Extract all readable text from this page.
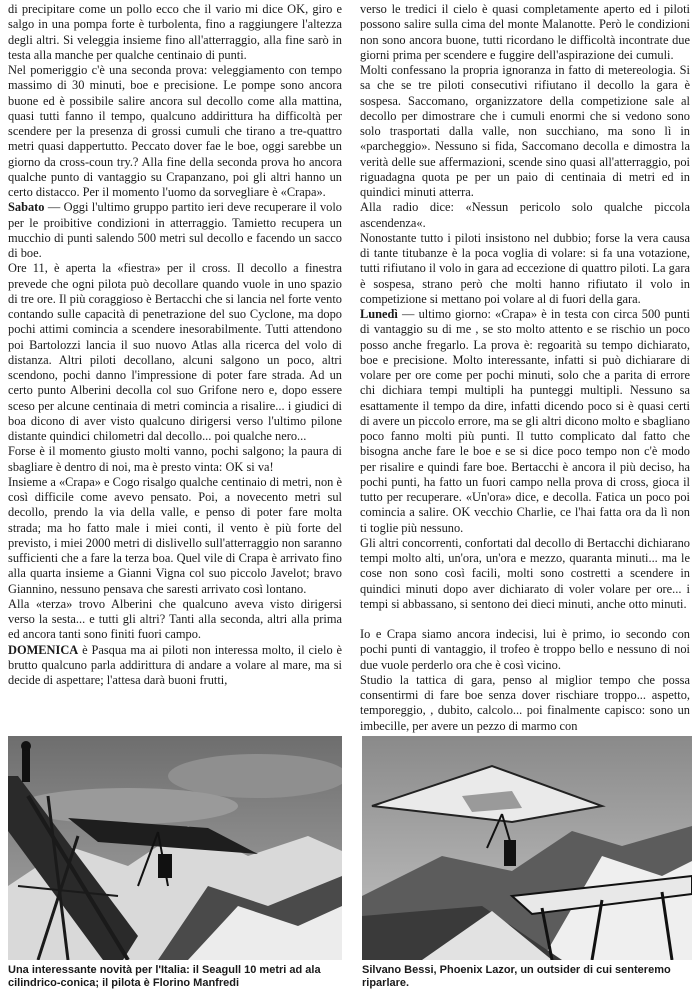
di precipitare come un pollo ecco che il vario mi dice OK, giro e salgo in una pompa forte è turbolenta, fino a raggiungere l'altezza degli altri. Si veleggia insieme fino all'atterraggio, alla fine sarò in testa alla manche per qualche centinaio di punti.

Nel pomeriggio c'è una seconda prova: veleggiamento con tempo massimo di 30 minuti, boe e precisione. Le pompe sono ancora buone ed è possibile salire ancora sul decollo come alla mattina, quasi tutti fanno il tempo, qualcuno addirittura ha difficoltà per scendere per la presenza di grossi cumuli che tirano a tre-quattro metri quasi dappertutto. Peccato dover fae le boe, oggi sarebbe un giorno da cross-coun try.? Alla fine della seconda prova ho ancora qualche punto di vantaggio su Crapanzano, poi gli altri hanno un certo distacco. Per il momento l'uomo da sorvegliare è «Crapa».

Sabato — Oggi l'ultimo gruppo partito ieri deve recuperare il volo per le proibitive condizioni in atterraggio. Tamietto recupera un mucchio di punti salendo 500 metri sul decollo e facendo un sacco di boe.

Ore 11, è aperta la «fiestra» per il cross. Il decollo a finestra prevede che ogni pilota può decollare quando vuole in uno spazio di tre ore. Il più coraggioso è Bertacchi che si lancia nel forte vento contando sulle capacità di penetrazione del suo Cyclone, ma dopo pochi attimi comincia a scendere inesorabilmente. Tutti attendono poi Bartolozzi lancia il suo nuovo Atlas alla ricerca del volo di distanza. Altri piloti decollano, alcuni salgono un poco, altri scendono, pochi danno l'impressione di poter fare strada. Ad un certo punto Alberini decolla col suo Grifone nero e, dopo essere sceso per alcune centinaia di metri comincia a risalire... i giudici di boa dicono di aver visto qualcuno dirigersi verso l'ultimo pilone distante quindici chilometri dal decollo... poi qualche nero...

Forse è il momento giusto molti vanno, pochi salgono; la paura di sbagliare è dentro di noi, ma è presto vinta: OK si va!

Insieme a «Crapa» e Cogo risalgo qualche centinaio di metri, non è così difficile come avevo pensato. Poi, a novecento metri sul decollo, prendo la via della valle, e penso di poter fare molta strada; ma ho fatto male i miei conti, il vento è più forte del previsto, i miei 2000 metri di dislivello sull'atterraggio non saranno sufficienti che a fare la terza boa. Quel vile di Crapa è arrivato fino alla quarta insieme a Gianni Vigna col suo piccolo Javelot; bravo Giannino, nessuno pensava che saresti arrivato così lontano.

Alla «terza» trovo Alberini che qualcuno aveva visto dirigersi verso la sesta... e tutti gli altri? Tanti alla seconda, altri alla prima ed ancora tanti sono finiti fuori campo.

DOMENICA è Pasqua ma ai piloti non interessa molto, il cielo è brutto qualcuno parla addirittura di andare a volare al mare, ma si decide di aspettare; l'attesa darà buoni frutti,

verso le tredici il cielo è quasi completamente aperto ed i piloti possono salire sulla cima del monte Malanotte. Però le condizioni non sono ancora buone, tutti ricordano le difficoltà incontrate due giorni prima per scendere e fuggire dell'aspirazione dei cumuli.

Molti confessano la propria ignoranza in fatto di metereologia. Si sa che se tre piloti consecutivi rifiutano il decollo la gara è sospesa. Saccomano, organizzatore della competizione sale al decollo per dimostrare che i cumuli enormi che si vedono sono solo trasportati dalla valle, non succhiano, ma sono lì in «parcheggio». Nessuno si fida, Saccomano decolla e dimostra la verità delle sue affermazioni, scende sino quasi all'atterraggio, poi riguadagna quota pe per un paio di centinaia di metri ed in quindici minuti atterra.

Alla radio dice: «Nessun pericolo solo qualche piccola ascendenza«.

Nonostante tutto i piloti insistono nel dubbio; forse la vera causa di tante titubanze è la poca voglia di volare: si fa una votazione, tutti rifiutano il volo in gara ad eccezione di quattro piloti. La gara è sospesa, strano però che molti hanno rifiutato il volo in competizione si mettano poi volare al di fuori della gara.

Lunedì — ultimo giorno: «Crapa» è in testa con circa 500 punti di vantaggio su di me , se sto molto attento e se rischio un poco posso anche fregarlo. La prova è: regoarità su tempo dichiarato, boe e precisione. Molto interessante, infatti si può dichiarare di volare per ore come per pochi minuti, solo che a parita di errore chi dichiara tempi multipli ha punteggi multipli. Nessuno sa esattamente il tempo da dire, infatti dicendo poco si è quasi certi di avere un piccolo errore, ma se gli altri dicono molto e sbagliano poco fanno molti più punti. Il tutto complicato dal fatto che bisogna anche fare le boe e se si dice poco tempo non c'è modo per risalire e quindi fare boe. Bertacchi è ancora il più deciso, ha pochi punti, ha fatto un fuori campo nella prova di cross, gioca il tutto per recuperare. «Un'ora» dice, e decolla. Fatica un poco poi comincia a salire. OK vecchio Charlie, ce l'hai fatta ora da lì non ti toglie più nessuno.

Gli altri concorrenti, confortati dal decollo di Bertacchi dichiarano tempi molto alti, un'ora, un'ora e mezzo, quaranta minuti... ma le cose non sono così facili, molti sono costretti a scendere in quindici minuti dopo aver dichiarato di voler volare per ore... i tempi si abbassano, si sentono dei dieci minuti, anche otto minuti.

Io e Crapa siamo ancora indecisi, lui è primo, io secondo con pochi punti di vantaggio, il trofeo è troppo bello e nessuno di noi due vuole perderlo ora che è così vicino.

Studio la tattica di gara, penso al miglior tempo che possa consentirmi di fare boe senza dover rischiare troppo... aspetto, temporeggio, , dubito, calcolo... poi finalmente capisco: sono un imbecille, per avere un pezzo di marmo con

Una interessante novità per l'Italia: il Seagull 10 metri ad ala cilindrico-conica; il pilota è Florino Manfredi
Silvano Bessi, Phoenix Lazor, un outsider di cui senteremo riparlare.
